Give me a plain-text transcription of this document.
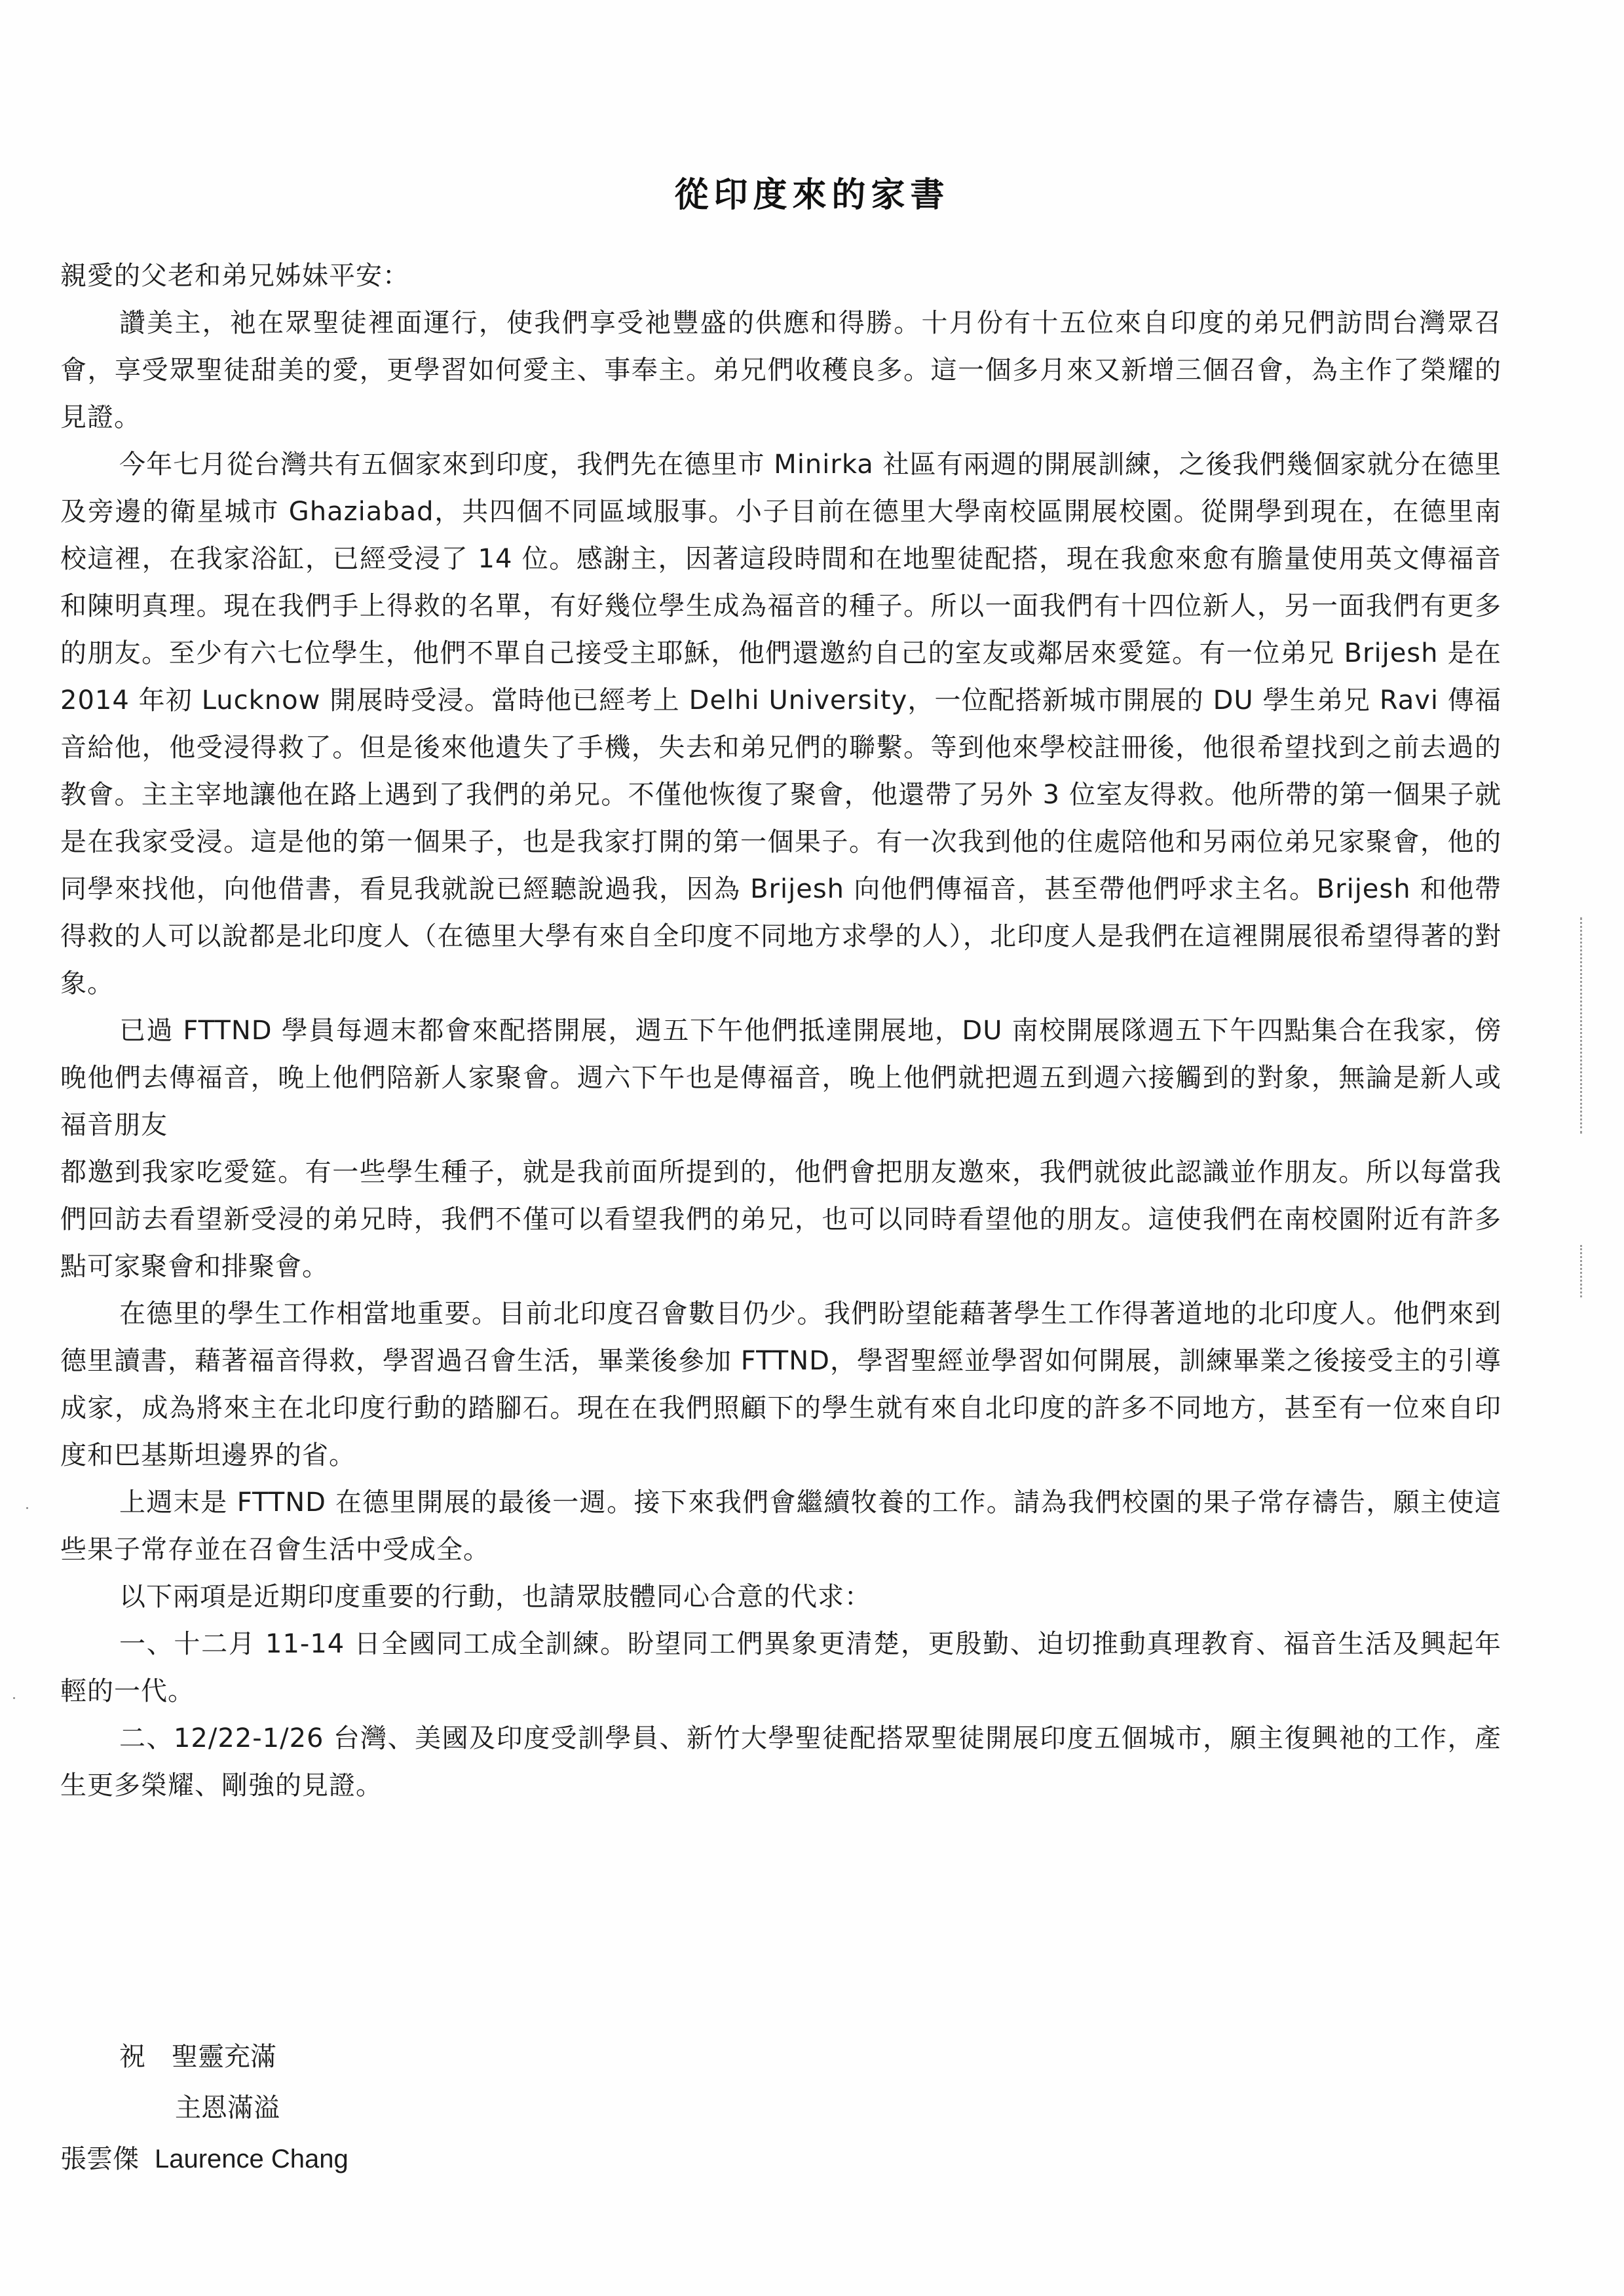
從印度來的家書

親愛的父老和弟兄姊妹平安：

讚美主，祂在眾聖徒裡面運行，使我們享受祂豐盛的供應和得勝。十月份有十五位來自印度的弟兄們訪問台灣眾召會，享受眾聖徒甜美的愛，更學習如何愛主、事奉主。弟兄們收穫良多。這一個多月來又新增三個召會，為主作了榮耀的見證。

今年七月從台灣共有五個家來到印度，我們先在德里市 Minirka 社區有兩週的開展訓練，之後我們幾個家就分在德里及旁邊的衛星城市 Ghaziabad，共四個不同區域服事。小子目前在德里大學南校區開展校園。從開學到現在，在德里南校這裡，在我家浴缸，已經受浸了 14 位。感謝主，因著這段時間和在地聖徒配搭，現在我愈來愈有膽量使用英文傳福音和陳明真理。現在我們手上得救的名單，有好幾位學生成為福音的種子。所以一面我們有十四位新人，另一面我們有更多的朋友。至少有六七位學生，他們不單自己接受主耶穌，他們還邀約自己的室友或鄰居來愛筵。有一位弟兄 Brijesh 是在 2014 年初 Lucknow 開展時受浸。當時他已經考上 Delhi University，一位配搭新城市開展的 DU 學生弟兄 Ravi 傳福音給他，他受浸得救了。但是後來他遺失了手機，失去和弟兄們的聯繫。等到他來學校註冊後，他很希望找到之前去過的教會。主主宰地讓他在路上遇到了我們的弟兄。不僅他恢復了聚會，他還帶了另外 3 位室友得救。他所帶的第一個果子就是在我家受浸。這是他的第一個果子，也是我家打開的第一個果子。有一次我到他的住處陪他和另兩位弟兄家聚會，他的同學來找他，向他借書，看見我就說已經聽說過我，因為 Brijesh 向他們傳福音，甚至帶他們呼求主名。Brijesh 和他帶得救的人可以說都是北印度人（在德里大學有來自全印度不同地方求學的人），北印度人是我們在這裡開展很希望得著的對象。

已過 FTTND 學員每週末都會來配搭開展，週五下午他們抵達開展地，DU 南校開展隊週五下午四點集合在我家，傍晚他們去傳福音，晚上他們陪新人家聚會。週六下午也是傳福音，晚上他們就把週五到週六接觸到的對象，無論是新人或福音朋友

都邀到我家吃愛筵。有一些學生種子，就是我前面所提到的，他們會把朋友邀來，我們就彼此認識並作朋友。所以每當我們回訪去看望新受浸的弟兄時，我們不僅可以看望我們的弟兄，也可以同時看望他的朋友。這使我們在南校園附近有許多點可家聚會和排聚會。

在德里的學生工作相當地重要。目前北印度召會數目仍少。我們盼望能藉著學生工作得著道地的北印度人。他們來到德里讀書，藉著福音得救，學習過召會生活，畢業後參加 FTTND，學習聖經並學習如何開展，訓練畢業之後接受主的引導成家，成為將來主在北印度行動的踏腳石。現在在我們照顧下的學生就有來自北印度的許多不同地方，甚至有一位來自印度和巴基斯坦邊界的省。

上週末是 FTTND 在德里開展的最後一週。接下來我們會繼續牧養的工作。請為我們校園的果子常存禱告，願主使這些果子常存並在召會生活中受成全。

以下兩項是近期印度重要的行動，也請眾肢體同心合意的代求：

一、十二月 11-14 日全國同工成全訓練。盼望同工們異象更清楚，更殷勤、迫切推動真理教育、福音生活及興起年輕的一代。

二、12/22-1/26 台灣、美國及印度受訓學員、新竹大學聖徒配搭眾聖徒開展印度五個城市，願主復興祂的工作，產生更多榮耀、剛強的見證。

祝　聖靈充滿
主恩滿溢
張雲傑 Laurence Chang
